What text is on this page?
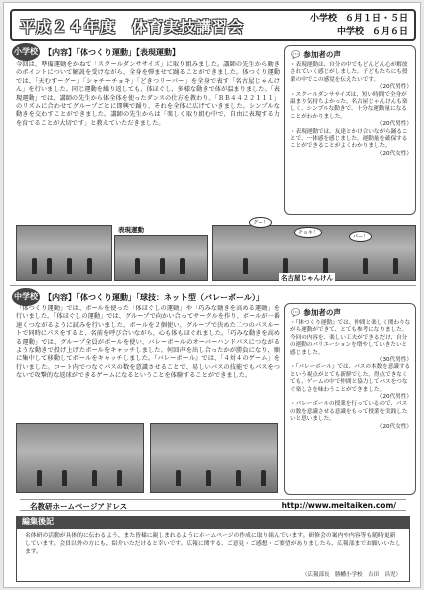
平成２４年度　体育実技講習会	小学校 ６月１日・５日
中学校 ６月６日
小学校 【内容】「体つくり運動」【表現運動】
今回は、準備運動をかねて「スクールダンササイズ」に取り組みました。講師の先生から動きのポイントについて解説を受けながら、全身を弾ませて踊ることができました。体つくり運動では、「天むすーグー」「シャチーチョキ」「どきつリーパー」を全身で表す「名古屋じゃんけん」を行いました。同じ運動を繰り返しても、体ほぐし、多様な動きで体が温まりました。「表現運動」では、講師の先生から体全体を使ったダンスの仕方を教わり、「ＢＢ４４２２１１１」のリズムに合わせてグループごとに即興で踊り、それを全体に広げていきました。シンプルな動きを交わすことができました。講師の先生からは「楽しく取り組む中で、自由に表現する力を育てることが大切です」と教えていただきました。
💬 参加者の声
・表現運動は、自分の中でもどんどん心が解放されていく感じがしました。子どもたちにも授業の中でこの感覚を伝えたいです。
（20代男性）
・スクールダンササイズは、短い時間で全身が温まり気持ちよかった。名古屋じゃんけんも楽しく、シンプルな動きで、十分な運動量になることがわかりました。
（20代男性）
・表現運動では、友達とかけ合いながら踊ることで、一体感を感じました。運動量を確保することができることがよくわかりました。
（20代女性）
表現運動
グー！
チョキ！
パー！
名古屋じゃんけん
中学校 【内容】「体つくり運動」「球技：ネット型（バレーボール）」
「体つくり運動」では、ボールを使った「体ほぐしの運動」や「巧みな動きを高める運動」を行いました。「体ほぐしの運動」では、グループで向かい合ってサークルを作り、ボールが一番速くつながるように試みを行いました。ボールを２個使い、グループで決めた二つのパスルートで同時にパスをすると、名前を呼び合いながら、心も体もほぐれました。「巧みな動きを高める運動」では、グループ全員がボールを使い、バレーボールのオーバーハンドパスにつながるような動きで投げ上げたボールをキャッチしました。何回声を出し合ったかが勝負になり、順に集中して移動してボールをキャッチしました。『バレーボール』では、「４対４のゲーム」を行いました。コート内でつなぐパスの数を意識させることで、易しいパスの技能でもパスをつないで攻撃的な返球ができるゲームになるということを体験することができました。
💬 参加者の声
・『体つくり運動』では、仲間と楽しく関わりながら運動ができて、とても参考になりました。今回の内容を、楽しい工夫ができるだけ、自分の運動のバリエーションを増やしていきたいと感じました。
（30代男性）
・『バレーボール』では、パスの本数を意識するという視点がとても新鮮でした。得点できなくても、ゲームの中で仲間と協力してパスをつなぐ楽しさを味わうことができました。
（20代男性）
・バレーボールの授業を行っているので、パスの数を意識させる意識をもって授業を実践したいと思いました。
（20代女性）
名教研ホームページアドレス	http://www.meitaiken.com/
編集後記
名体研の活動が具体的に伝わるよう、また皆様に親しまれるようにホームページの作成に取り組んでいます。研修会の案内や内容等も随時更新しています。会員以外の方にも、紹介いただけると幸いです。広報に関する、ご意見・ご感想・ご要望がありましたら、広報部までお願いいたします。
（広報部長　勝幡小学校　吉田　昌児）
